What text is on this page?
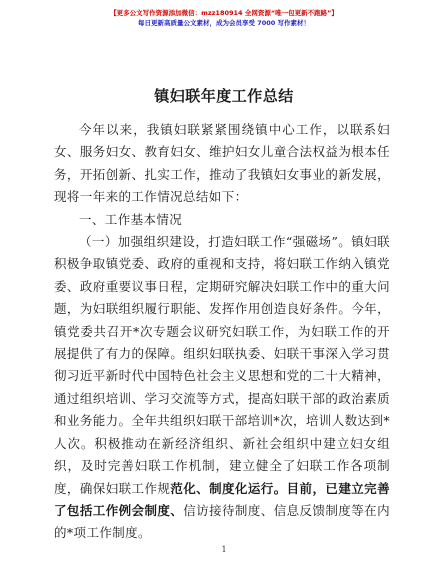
【更多公文写作资源添加微信：mzz180914 全网资源“唯一包更新不跑路”】
每日更新高质量公文素材，成为会员享受 7000 写作素材！
镇妇联年度工作总结

今年以来，我镇妇联紧紧围绕镇中心工作，以联系妇女、服务妇女、教育妇女、维护妇女儿童合法权益为根本任务，开拓创新、扎实工作，推动了我镇妇女事业的新发展，现将一年来的工作情况总结如下：

一、工作基本情况

（一）加强组织建设，打造妇联工作“强磁场”。镇妇联积极争取镇党委、政府的重视和支持，将妇联工作纳入镇党委、政府重要议事日程，定期研究解决妇联工作中的重大问题，为妇联组织履行职能、发挥作用创造良好条件。今年，镇党委共召开*次专题会议研究妇联工作，为妇联工作的开展提供了有力的保障。组织妇联执委、妇联干事深入学习贯彻习近平新时代中国特色社会主义思想和党的二十大精神，通过组织培训、学习交流等方式，提高妇联干部的政治素质和业务能力。全年共组织妇联干部培训*次，培训人数达到*人次。积极推动在新经济组织、新社会组织中建立妇女组织，及时完善妇联工作机制，建立健全了妇联工作各项制度，确保妇联工作规范化、制度化运行。目前，已建立完善了包括工作例会制度、信访接待制度、信息反馈制度等在内的*项工作制度。

1
